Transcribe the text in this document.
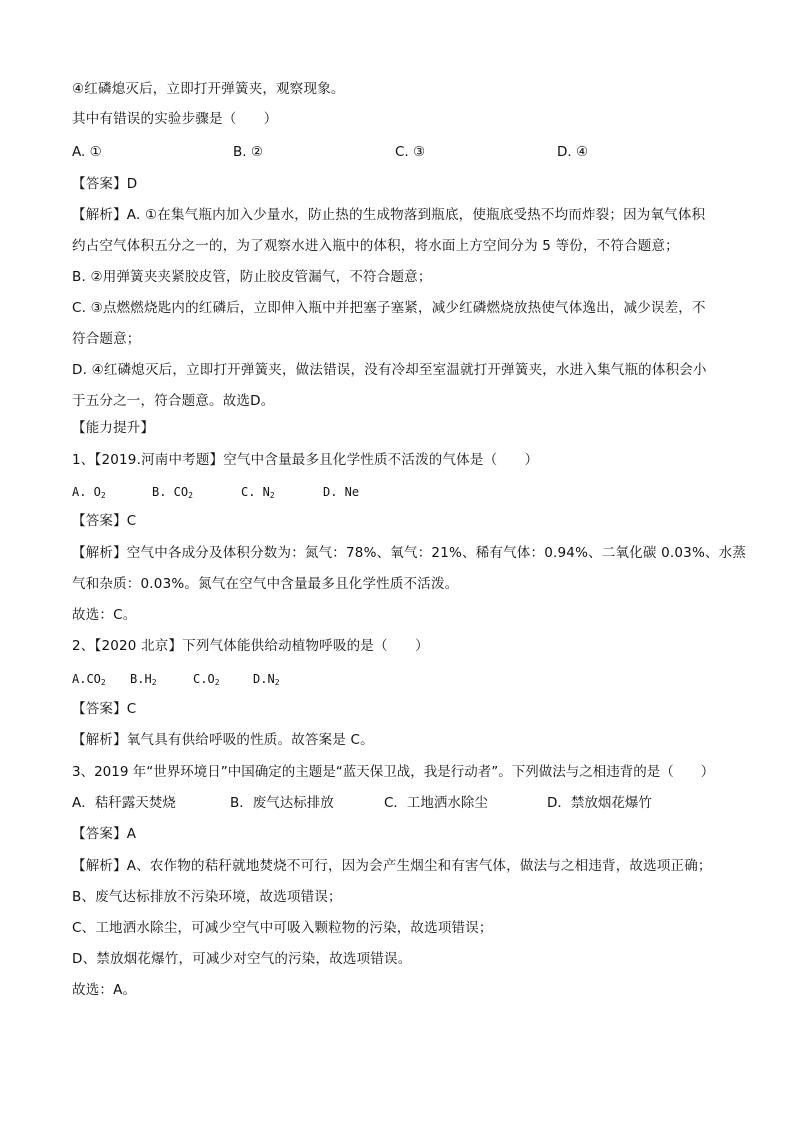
④红磷熄灭后，立即打开弹簧夹，观察现象。
其中有错误的实验步骤是（　　）
A. ①	B. ②	C. ③	D. ④
【答案】D
【解析】A. ①在集气瓶内加入少量水，防止热的生成物落到瓶底，使瓶底受热不均而炸裂；因为氧气体积
约占空气体积五分之一的，为了观察水进入瓶中的体积，将水面上方空间分为 5 等份，不符合题意；
B. ②用弹簧夹夹紧胶皮管，防止胶皮管漏气，不符合题意；
C. ③点燃燃烧匙内的红磷后，立即伸入瓶中并把塞子塞紧，减少红磷燃烧放热使气体逸出，减少误差，不
符合题意；
D. ④红磷熄灭后，立即打开弹簧夹，做法错误，没有冷却至室温就打开弹簧夹，水进入集气瓶的体积会小
于五分之一，符合题意。故选D。
【能力提升】
1、【2019.河南中考题】空气中含量最多且化学性质不活泼的气体是（　　）
A. $O_2$	B. $CO_2$	C. $N_2$	D. Ne
【答案】C
【解析】空气中各成分及体积分数为：氮气：78%、氧气：21%、稀有气体：0.94%、二氧化碳 0.03%、水蒸
气和杂质：0.03%。氮气在空气中含量最多且化学性质不活泼。
故选：C。
2、【2020 北京】下列气体能供给动植物呼吸的是（　　）
$A.CO_2$ $B.H_2$	$C.O_2$	$D.N_2$
【答案】C
【解析】氧气具有供给呼吸的性质。故答案是 C。
3、2019 年“世界环境日”中国确定的主题是“蓝天保卫战，我是行动者”。下列做法与之相违背的是（　　）
A．秸秆露天焚烧	B．废气达标排放	C．工地洒水除尘	D．禁放烟花爆竹
【答案】A
【解析】A、农作物的秸秆就地焚烧不可行，因为会产生烟尘和有害气体，做法与之相违背，故选项正确；
B、废气达标排放不污染环境，故选项错误；
C、工地洒水除尘，可减少空气中可吸入颗粒物的污染，故选项错误；
D、禁放烟花爆竹，可减少对空气的污染，故选项错误。
故选：A。
